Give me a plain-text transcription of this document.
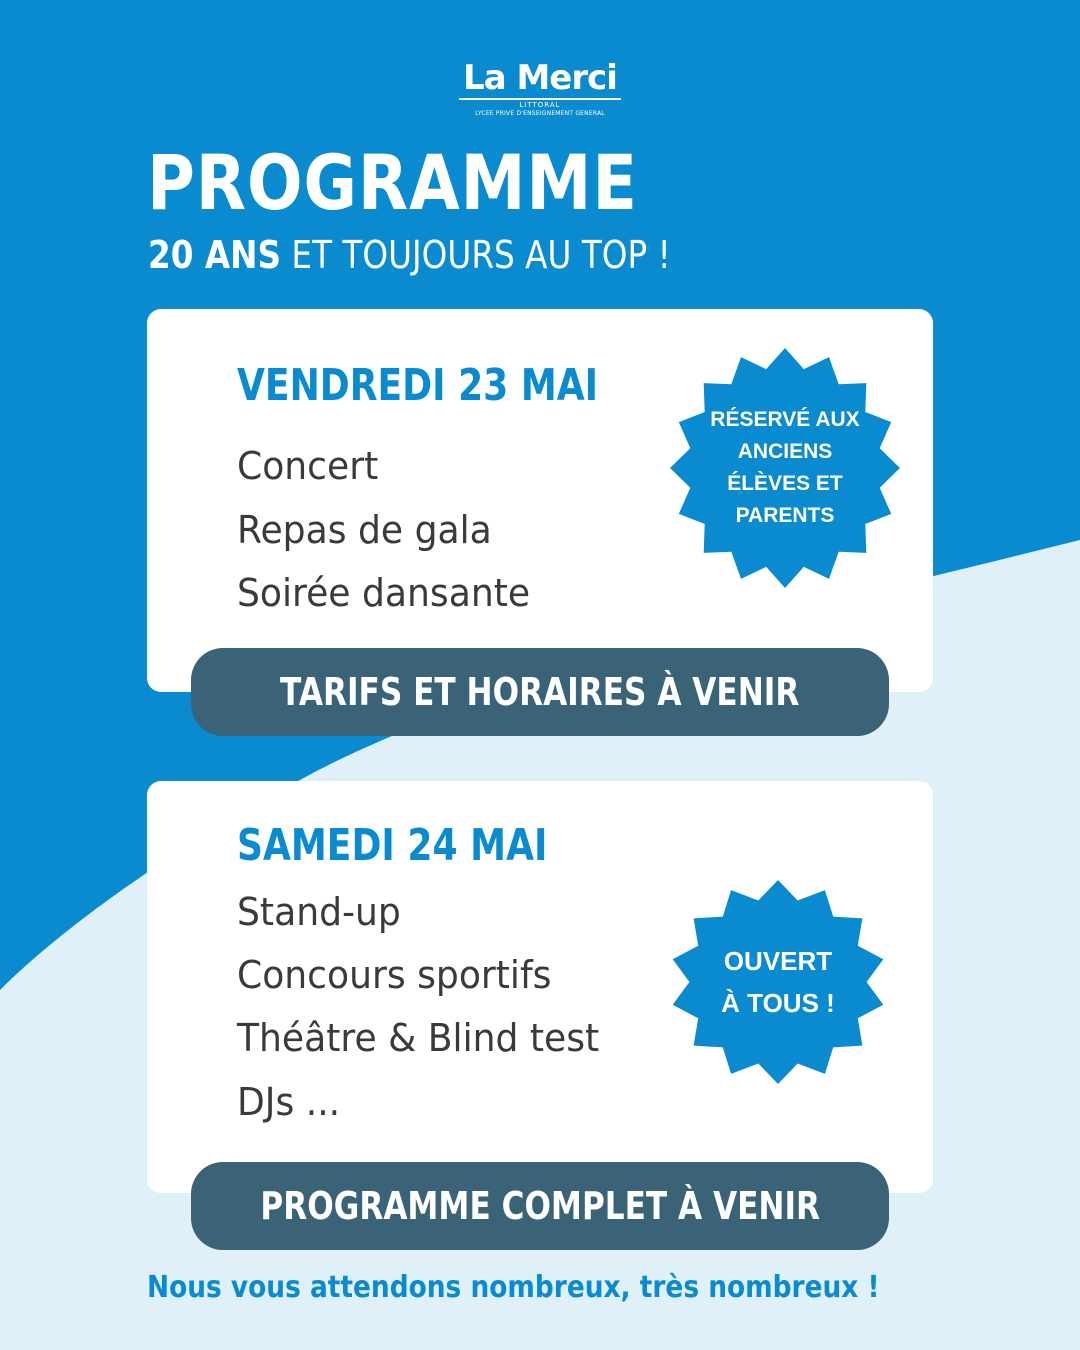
La Merci
LITTORAL
LYCEE PRIVE D'ENSEIGNEMENT GENERAL
PROGRAMME
20 ANS ET TOUJOURS AU TOP !
VENDREDI 23 MAI
Concert
Repas de gala
Soirée dansante
RÉSERVÉ AUX
ANCIENS
ÉLÈVES ET
PARENTS
TARIFS ET HORAIRES À VENIR
SAMEDI 24 MAI
Stand-up
Concours sportifs
Théâtre & Blind test
DJs ...
OUVERT
À TOUS !
PROGRAMME COMPLET À VENIR
Nous vous attendons nombreux, très nombreux !
